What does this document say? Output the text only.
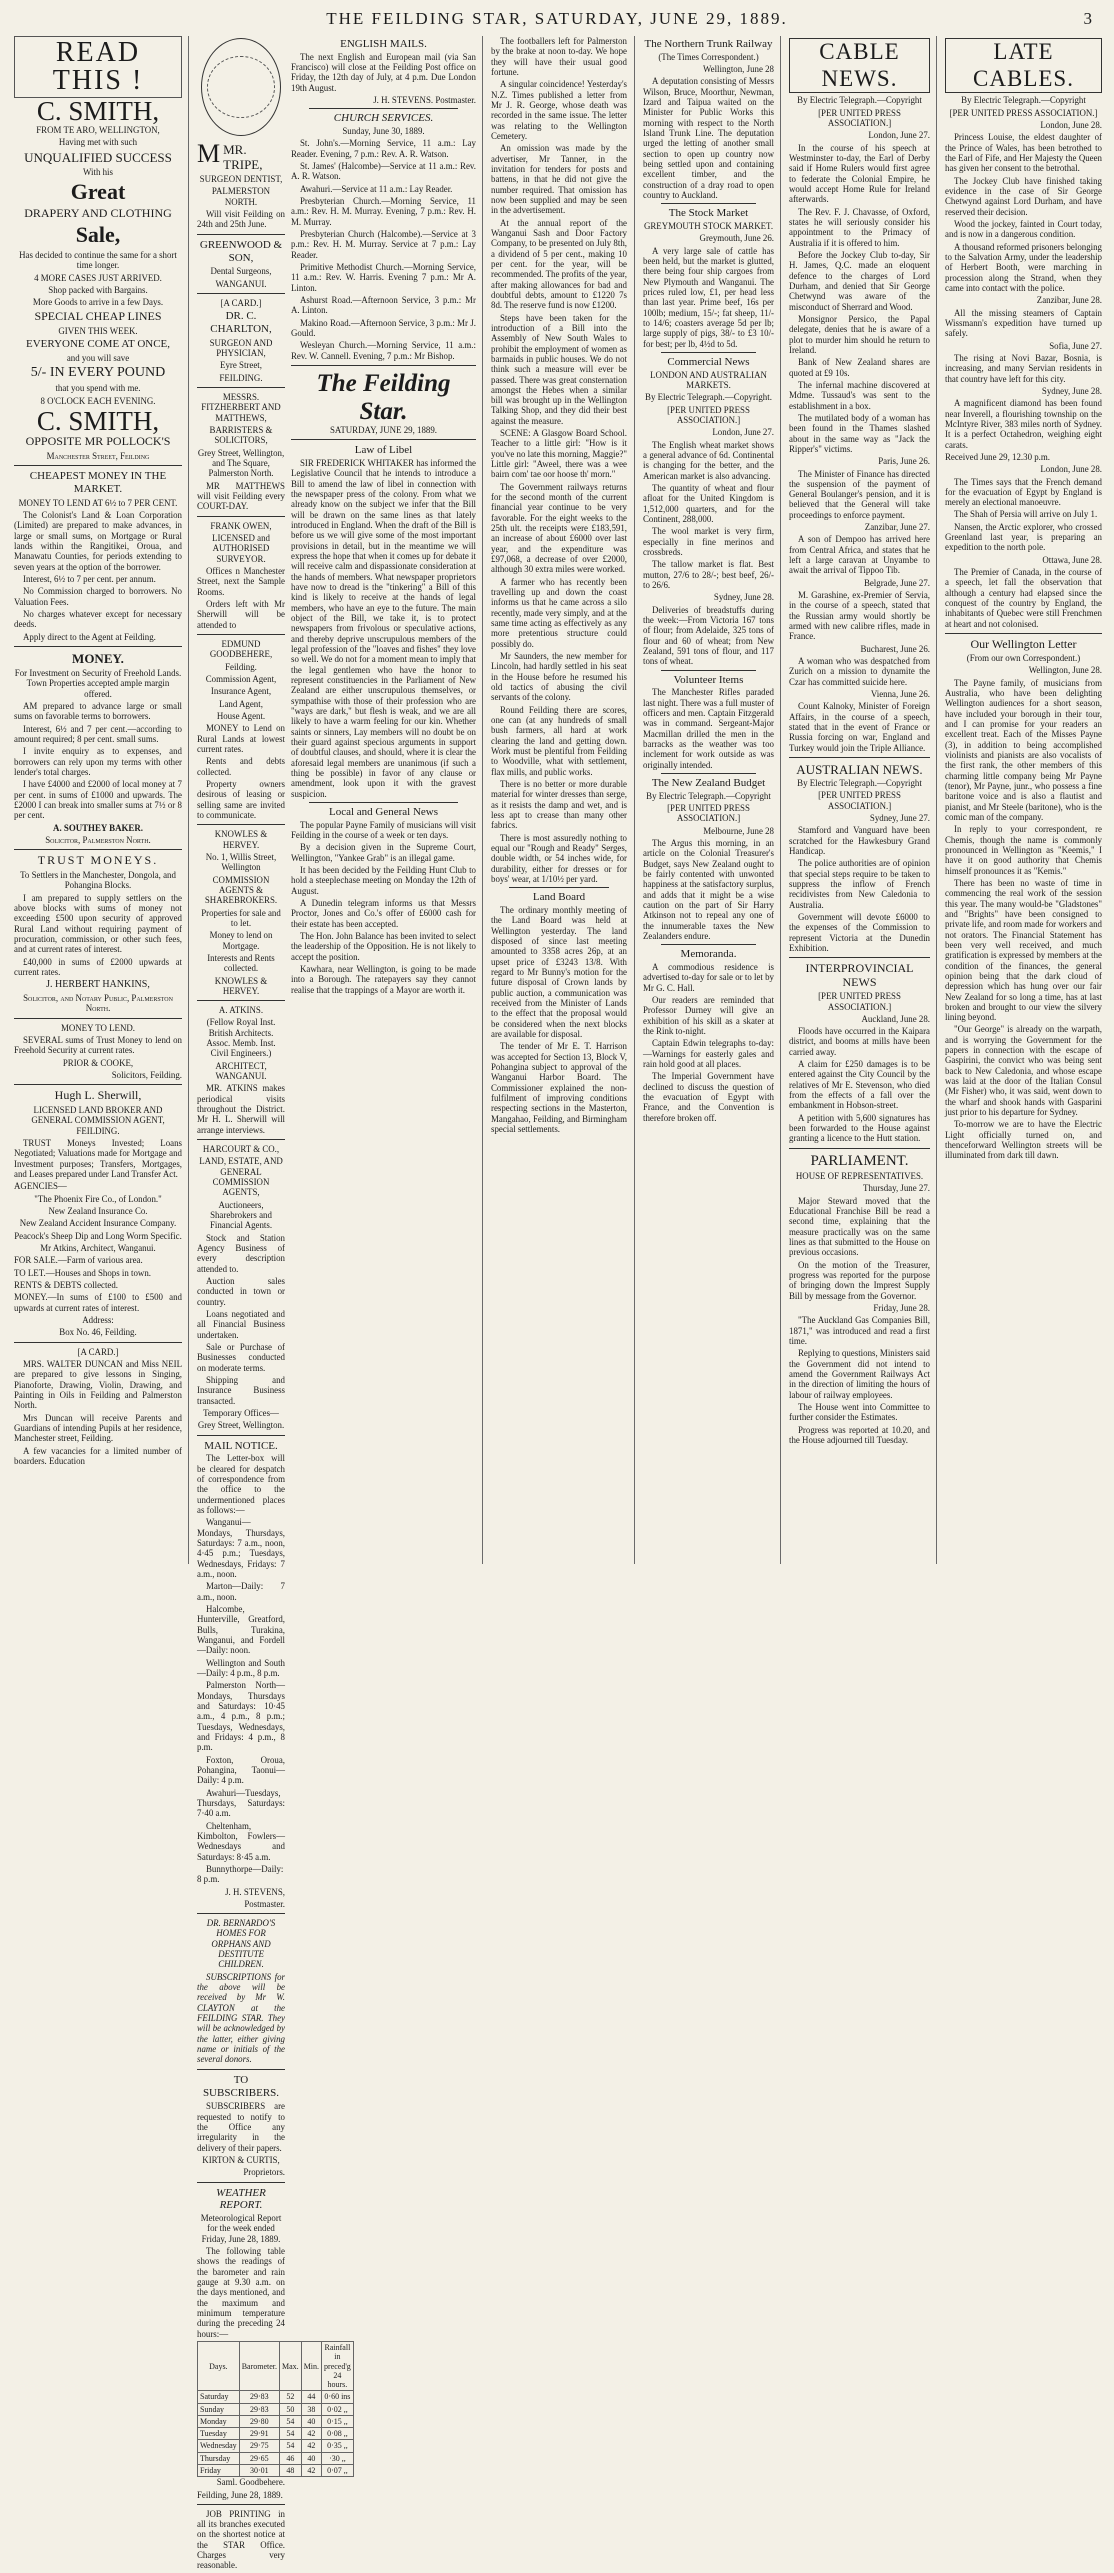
THE FEILDING STAR, SATURDAY, JUNE 29, 1889.	3
READ THIS !
C. SMITH,

FROM TE ARO, WELLINGTON,

Having met with such

UNQUALIFIED SUCCESS

With his

Great

DRAPERY AND CLOTHING

Sale,

Has decided to continue the same for a short time longer.

4 MORE CASES JUST ARRIVED.

Shop packed with Bargains.

More Goods to arrive in a few Days.

SPECIAL CHEAP LINES

GIVEN THIS WEEK.

EVERYONE COME AT ONCE,

and you will save

5/- IN EVERY POUND

that you spend with me.

8 O'CLOCK EACH EVENING.

C. SMITH,

OPPOSITE MR POLLOCK'S

Manchester Street, Feilding

CHEAPEST MONEY IN THE MARKET.

MONEY TO LEND AT 6½ to 7 PER CENT.

The Colonist's Land & Loan Corporation (Limited) are prepared to make advances, in large or small sums, on Mortgage or Rural lands within the Rangitikei, Oroua, and Manawatu Counties, for periods extending to seven years at the option of the borrower.

Interest, 6½ to 7 per cent. per annum.

No Commission charged to borrowers. No Valuation Fees.

No charges whatever except for necessary deeds.

Apply direct to the Agent at Feilding.

MONEY.

For Investment on Security of Freehold Lands. Town Properties accepted ample margin offered.

AM prepared to advance large or small sums on favorable terms to borrowers.

Interest, 6½ and 7 per cent.—according to amount required; 8 per cent. small sums.

I invite enquiry as to expenses, and borrowers can rely upon my terms with other lender's total charges.

I have £4000 and £2000 of local money at 7 per cent. in sums of £1000 and upwards. The £2000 I can break into smaller sums at 7½ or 8 per cent.

A. SOUTHEY BAKER.

Solicitor, Palmerston North.

TRUST MONEYS.

To Settlers in the Manchester, Dongola, and Pohangina Blocks.

I am prepared to supply settlers on the above blocks with sums of money not exceeding £500 upon security of approved Rural Land without requiring payment of procuration, commission, or other such fees, and at current rates of interest.

£40,000 in sums of £2000 upwards at current rates.

J. HERBERT HANKINS,

Solicitor, and Notary Public, Palmerston North.

MONEY TO LEND.

SEVERAL sums of Trust Money to lend on Freehold Security at current rates.

PRIOR & COOKE,

Solicitors, Feilding.

Hugh L. Sherwill,

LICENSED LAND BROKER AND GENERAL COMMISSION AGENT, FEILDING.

TRUST Moneys Invested; Loans Negotiated; Valuations made for Mortgage and Investment purposes; Transfers, Mortgages, and Leases prepared under Land Transfer Act.

AGENCIES—

"The Phoenix Fire Co., of London."

New Zealand Insurance Co.

New Zealand Accident Insurance Company.

Peacock's Sheep Dip and Long Worm Specific.

Mr Atkins, Architect, Wanganui.

FOR SALE.—Farm of various area.

TO LET.—Houses and Shops in town.

RENTS & DEBTS collected.

MONEY.—In sums of £100 to £500 and upwards at current rates of interest.

Address:

Box No. 46, Feilding.

[A CARD.]

MRS. WALTER DUNCAN and Miss NEIL are prepared to give lessons in Singing, Pianoforte, Drawing, Violin, Drawing, and Painting in Oils in Feilding and Palmerston North.

Mrs Duncan will receive Parents and Guardians of intending Pupils at her residence, Manchester street, Feilding.

A few vacancies for a limited number of boarders. Education

MMR. TRIPE,

SURGEON DENTIST,

PALMERSTON NORTH.

Will visit Feilding on 24th and 25th June.

GREENWOOD & SON,

Dental Surgeons,

WANGANUI.

[A CARD.]

DR. C. CHARLTON,

SURGEON AND PHYSICIAN,

Eyre Street,

FEILDING.

MESSRS. FITZHERBERT AND MATTHEWS,

BARRISTERS & SOLICITORS,

Grey Street, Wellington, and The Square, Palmerston North.

MR MATTHEWS will visit Feilding every COURT-DAY.

FRANK OWEN,

LICENSED and AUTHORISED SURVEYOR.

Offices n Manchester Street, next the Sample Rooms.

Orders left with Mr Sherwill will be attended to

EDMUND GOODBEHERE,

Feilding.

Commission Agent,

Insurance Agent,

Land Agent,

House Agent.

MONEY to Lend on Rural Lands at lowest current rates.

Rents and debts collected.

Property owners desirous of leasing or selling same are invited to communicate.

KNOWLES & HERVEY.

No. 1, Willis Street, Wellington

COMMISSION AGENTS & SHAREBROKERS.

Properties for sale and to let.

Money to lend on Mortgage.

Interests and Rents collected.

KNOWLES & HERVEY.

A. ATKINS.

(Fellow Royal Inst. British Architects. Assoc. Memb. Inst. Civil Engineers.)

ARCHITECT, WANGANUI.

MR. ATKINS makes periodical visits throughout the District. Mr H. L. Sherwill will arrange interviews.

HARCOURT & CO.,

LAND, ESTATE, AND GENERAL COMMISSION AGENTS,

Auctioneers, Sharebrokers and Financial Agents.

Stock and Station Agency Business of every description attended to.

Auction sales conducted in town or country.

Loans negotiated and all Financial Business undertaken.

Sale or Purchase of Businesses conducted on moderate terms.

Shipping and Insurance Business transacted.

Temporary Offices—

Grey Street, Wellington.

MAIL NOTICE.

The Letter-box will be cleared for despatch of correspondence from the office to the undermentioned places as follows:—

Wanganui—Mondays, Thursdays, Saturdays: 7 a.m., noon, 4·45 p.m.; Tuesdays, Wednesdays, Fridays: 7 a.m., noon.

Marton—Daily: 7 a.m., noon.

Halcombe, Hunterville, Greatford, Bulls, Turakina, Wanganui, and Fordell—Daily: noon.

Wellington and South—Daily: 4 p.m., 8 p.m.

Palmerston North—Mondays, Thursdays and Saturdays: 10·45 a.m., 4 p.m., 8 p.m.; Tuesdays, Wednesdays, and Fridays: 4 p.m., 8 p.m.

Foxton, Oroua, Pohangina, Taonui—Daily: 4 p.m.

Awahuri—Tuesdays, Thursdays, Saturdays: 7·40 a.m.

Cheltenham, Kimbolton, Fowlers—Wednesdays and Saturdays: 8·45 a.m.

Bunnythorpe—Daily: 8 p.m.

J. H. STEVENS,

Postmaster.

DR. BERNARDO'S HOMES FOR ORPHANS AND DESTITUTE CHILDREN.

SUBSCRIPTIONS for the above will be received by Mr W. CLAYTON at the FEILDING STAR. They will be acknowledged by the latter, either giving name or initials of the several donors.

TO SUBSCRIBERS.

SUBSCRIBERS are requested to notify to the Office any irregularity in the delivery of their papers.

KIRTON & CURTIS,

Proprietors.

WEATHER REPORT.

Meteorological Report for the week ended Friday, June 28, 1889.

The following table shows the readings of the barometer and rain gauge at 9.30 a.m. on the days mentioned, and the maximum and minimum temperature during the preceding 24 hours:—

Days.	Barometer.	Max.	Min.	Rainfall in preced'g 24 hours.
Saturday	29·83	52	44	0·60 ins
Sunday	29·83	50	38	0·02 ,,
Monday	29·80	54	40	0·15 ,,
Tuesday	29·91	54	42	0·08 ,,
Wednesday	29·75	54	42	0·35 ,,
Thursday	29·65	46	40	·30 ,,
Friday	30·01	48	42	0·07 ,,

Saml. Goodbehere.

Feilding, June 28, 1889.

JOB PRINTING in all its branches executed on the shortest notice at the STAR Office. Charges very reasonable.

ENGLISH MAILS.

The next English and European mail (via San Francisco) will close at the Feilding Post office on Friday, the 12th day of July, at 4 p.m. Due London 19th August.

J. H. STEVENS. Postmaster.

CHURCH SERVICES.

Sunday, June 30, 1889.

St. John's.—Morning Service, 11 a.m.: Lay Reader. Evening, 7 p.m.: Rev. A. R. Watson.

St. James' (Halcombe)—Service at 11 a.m.: Rev. A. R. Watson.

Awahuri.—Service at 11 a.m.: Lay Reader.

Presbyterian Church.—Morning Service, 11 a.m.: Rev. H. M. Murray. Evening, 7 p.m.: Rev. H. M. Murray.

Presbyterian Church (Halcombe).—Service at 3 p.m.: Rev. H. M. Murray. Service at 7 p.m.: Lay Reader.

Primitive Methodist Church.—Morning Service, 11 a.m.: Rev. W. Harris. Evening 7 p.m.: Mr A. Linton.

Ashurst Road.—Afternoon Service, 3 p.m.: Mr A. Linton.

Makino Road.—Afternoon Service, 3 p.m.: Mr J. Gould.

Wesleyan Church.—Morning Service, 11 a.m.: Rev. W. Cannell. Evening, 7 p.m.: Mr Bishop.

The Feilding Star.

SATURDAY, JUNE 29, 1889.

Law of Libel

SIR FREDERICK WHITAKER has informed the Legislative Council that he intends to introduce a Bill to amend the law of libel in connection with the newspaper press of the colony. From what we already know on the subject we infer that the Bill will be drawn on the same lines as that lately introduced in England. When the draft of the Bill is before us we will give some of the most important provisions in detail, but in the meantime we will express the hope that when it comes up for debate it will receive calm and dispassionate consideration at the hands of members. What newspaper proprietors have now to dread is the "tinkering" a Bill of this kind is likely to receive at the hands of legal members, who have an eye to the future. The main object of the Bill, we take it, is to protect newspapers from frivolous or speculative actions, and thereby deprive unscrupulous members of the legal profession of the "loaves and fishes" they love so well. We do not for a moment mean to imply that the legal gentlemen who have the honor to represent constituencies in the Parliament of New Zealand are either unscrupulous themselves, or sympathise with those of their profession who are "ways are dark," but flesh is weak, and we are all likely to have a warm feeling for our kin. Whether saints or sinners, Lay members will no doubt be on their guard against specious arguments in support of doubtful clauses, and should, where it is clear the aforesaid legal members are unanimous (if such a thing be possible) in favor of any clause or amendment, look upon it with the gravest suspicion.

Local and General News

The popular Payne Family of musicians will visit Feilding in the course of a week or ten days.

By a decision given in the Supreme Court, Wellington, "Yankee Grab" is an illegal game.

It has been decided by the Feilding Hunt Club to hold a steeplechase meeting on Monday the 12th of August.

A Dunedin telegram informs us that Messrs Proctor, Jones and Co.'s offer of £6000 cash for their estate has been accepted.

The Hon. John Balance has been invited to select the leadership of the Opposition. He is not likely to accept the position.

Kawhara, near Wellington, is going to be made into a Borough. The ratepayers say they cannot realise that the trappings of a Mayor are worth it.

The footballers left for Palmerston by the brake at noon to-day. We hope they will have their usual good fortune.

A singular coincidence! Yesterday's N.Z. Times published a letter from Mr J. R. George, whose death was recorded in the same issue. The letter was relating to the Wellington Cemetery.

An omission was made by the advertiser, Mr Tanner, in the invitation for tenders for posts and battens, in that he did not give the number required. That omission has now been supplied and may be seen in the advertisement.

At the annual report of the Wanganui Sash and Door Factory Company, to be presented on July 8th, a dividend of 5 per cent., making 10 per cent. for the year, will be recommended. The profits of the year, after making allowances for bad and doubtful debts, amount to £1220 7s 8d. The reserve fund is now £1200.

Steps have been taken for the introduction of a Bill into the Assembly of New South Wales to prohibit the employment of women as barmaids in public houses. We do not think such a measure will ever be passed. There was great consternation amongst the Hebes when a similar bill was brought up in the Wellington Talking Shop, and they did their best against the measure.

SCENE: A Glasgow Board School. Teacher to a little girl: "How is it you've no late this morning, Maggie?" Little girl: "Aweel, there was a wee bairn com' tae oor hoose th' morn."

The Government railways returns for the second month of the current financial year continue to be very favorable. For the eight weeks to the 25th ult. the receipts were £183,591, an increase of about £6000 over last year, and the expenditure was £97,068, a decrease of over £2000, although 30 extra miles were worked.

A farmer who has recently been travelling up and down the coast informs us that he came across a silo recently, made very simply, and at the same time acting as effectively as any more pretentious structure could possibly do.

Mr Saunders, the new member for Lincoln, had hardly settled in his seat in the House before he resumed his old tactics of abusing the civil servants of the colony.

Round Feilding there are scores, one can (at any hundreds of small bush farmers, all hard at work clearing the land and getting down. Work must be plentiful from Feilding to Woodville, what with settlement, flax mills, and public works.

There is no better or more durable material for winter dresses than serge, as it resists the damp and wet, and is less apt to crease than many other fabrics.

There is most assuredly nothing to equal our "Rough and Ready" Serges, double width, or 54 inches wide, for durability, either for dresses or for boys' wear, at 1/10½ per yard.

Land Board

The ordinary monthly meeting of the Land Board was held at Wellington yesterday. The land disposed of since last meeting amounted to 3358 acres 26p, at an upset price of £3243 13/8. With regard to Mr Bunny's motion for the future disposal of Crown lands by public auction, a communication was received from the Minister of Lands to the effect that the proposal would be considered when the next blocks are available for disposal.

The tender of Mr E. T. Harrison was accepted for Section 13, Block V, Pohangina subject to approval of the Wanganui Harbor Board. The Commissioner explained the non-fulfilment of improving conditions respecting sections in the Masterton, Mangahao, Feilding, and Birmingham special settlements.

The Northern Trunk Railway

(The Times Correspondent.)

Wellington, June 28

A deputation consisting of Messrs Wilson, Bruce, Moorthur, Newman, Izard and Taipua waited on the Minister for Public Works this morning with respect to the North Island Trunk Line. The deputation urged the letting of another small section to open up country now being settled upon and containing excellent timber, and the construction of a dray road to open country to Auckland.

The Stock Market

GREYMOUTH STOCK MARKET.

Greymouth, June 26.

A very large sale of cattle has been held, but the market is glutted, there being four ship cargoes from New Plymouth and Wanganui. The prices ruled low, £1, per head less than last year. Prime beef, 16s per 100lb; medium, 15/-; fat sheep, 11/- to 14/6; coasters average 5d per lb; large supply of pigs, 38/- to £3 10/- for best; per lb, 4½d to 5d.

Commercial News

LONDON AND AUSTRALIAN MARKETS.

By Electric Telegraph.—Copyright.

[PER UNITED PRESS ASSOCIATION.]

London, June 27.

The English wheat market shows a general advance of 6d. Continental is changing for the better, and the American market is also advancing.

The quantity of wheat and flour afloat for the United Kingdom is 1,512,000 quarters, and for the Continent, 288,000.

The wool market is very firm, especially in fine merinos and crossbreds.

The tallow market is flat. Best mutton, 27/6 to 28/-; best beef, 26/- to 26/6.

Sydney, June 28.

Deliveries of breadstuffs during the week:—From Victoria 167 tons of flour; from Adelaide, 325 tons of flour and 60 of wheat; from New Zealand, 591 tons of flour, and 117 tons of wheat.

Volunteer Items

The Manchester Rifles paraded last night. There was a full muster of officers and men. Captain Fitzgerald was in command. Sergeant-Major Macmillan drilled the men in the barracks as the weather was too inclement for work outside as was originally intended.

The New Zealand Budget

By Electric Telegraph.—Copyright

[PER UNITED PRESS ASSOCIATION.]

Melbourne, June 28

The Argus this morning, in an article on the Colonial Treasurer's Budget, says New Zealand ought to be fairly contented with unwonted happiness at the satisfactory surplus, and adds that it might be a wise caution on the part of Sir Harry Atkinson not to repeal any one of the innumerable taxes the New Zealanders endure.

Memoranda.

A commodious residence is advertised to-day for sale or to let by Mr G. C. Hall.

Our readers are reminded that Professor Durney will give an exhibition of his skill as a skater at the Rink to-night.

Captain Edwin telegraphs to-day:—Warnings for easterly gales and rain hold good at all places.

The Imperial Government have declined to discuss the question of the evacuation of Egypt with France, and the Convention is therefore broken off.

CABLE NEWS.

By Electric Telegraph.—Copyright

[PER UNITED PRESS ASSOCIATION.]

London, June 27.

In the course of his speech at Westminster to-day, the Earl of Derby said if Home Rulers would first agree to federate the Colonial Empire, he would accept Home Rule for Ireland afterwards.

The Rev. F. J. Chavasse, of Oxford, states he will seriously consider his appointment to the Primacy of Australia if it is offered to him.

Before the Jockey Club to-day, Sir H. James, Q.C. made an eloquent defence to the charges of Lord Durham, and denied that Sir George Chetwynd was aware of the misconduct of Sherrard and Wood.

Monsignor Persico, the Papal delegate, denies that he is aware of a plot to murder him should he return to Ireland.

Bank of New Zealand shares are quoted at £9 10s.

The infernal machine discovered at Mdme. Tussaud's was sent to the establishment in a box.

The mutilated body of a woman has been found in the Thames slashed about in the same way as "Jack the Ripper's" victims.

Paris, June 26.

The Minister of Finance has directed the suspension of the payment of General Boulanger's pension, and it is believed that the General will take proceedings to enforce payment.

Zanzibar, June 27.

A son of Dempoo has arrived here from Central Africa, and states that he left a large caravan at Unyambe to await the arrival of Tippoo Tib.

Belgrade, June 27.

M. Garashine, ex-Premier of Servia, in the course of a speech, stated that the Russian army would shortly be armed with new calibre rifles, made in France.

Bucharest, June 26.

A woman who was despatched from Zurich on a mission to dynamite the Czar has committed suicide here.

Vienna, June 26.

Count Kalnoky, Minister of Foreign Affairs, in the course of a speech, stated that in the event of France or Russia forcing on war, England and Turkey would join the Triple Alliance.

AUSTRALIAN NEWS.

By Electric Telegraph.—Copyright

[PER UNITED PRESS ASSOCIATION.]

Sydney, June 27.

Stamford and Vanguard have been scratched for the Hawkesbury Grand Handicap.

The police authorities are of opinion that special steps require to be taken to suppress the inflow of French recidivistes from New Caledonia to Australia.

Government will devote £6000 to the expenses of the Commission to represent Victoria at the Dunedin Exhibition.

INTERPROVINCIAL NEWS

[PER UNITED PRESS ASSOCIATION.]

Auckland, June 28.

Floods have occurred in the Kaipara district, and booms at mills have been carried away.

A claim for £250 damages is to be entered against the City Council by the relatives of Mr E. Stevenson, who died from the effects of a fall over the embankment in Hobson-street.

A petition with 5,600 signatures has been forwarded to the House against granting a licence to the Hutt station.

PARLIAMENT.

HOUSE OF REPRESENTATIVES.

Thursday, June 27.

Major Steward moved that the Educational Franchise Bill be read a second time, explaining that the measure practically was on the same lines as that submitted to the House on previous occasions.

On the motion of the Treasurer, progress was reported for the purpose of bringing down the Imprest Supply Bill by message from the Governor.

Friday, June 28.

"The Auckland Gas Companies Bill, 1871," was introduced and read a first time.

Replying to questions, Ministers said the Government did not intend to amend the Government Railways Act in the direction of limiting the hours of labour of railway employees.

The House went into Committee to further consider the Estimates.

Progress was reported at 10.20, and the House adjourned till Tuesday.

LATE CABLES.

By Electric Telegraph.—Copyright

[PER UNITED PRESS ASSOCIATION.]

London, June 28.

Princess Louise, the eldest daughter of the Prince of Wales, has been betrothed to the Earl of Fife, and Her Majesty the Queen has given her consent to the betrothal.

The Jockey Club have finished taking evidence in the case of Sir George Chetwynd against Lord Durham, and have reserved their decision.

Wood the jockey, fainted in Court today, and is now in a dangerous condition.

A thousand reformed prisoners belonging to the Salvation Army, under the leadership of Herbert Booth, were marching in procession along the Strand, when they came into contact with the police.

Zanzibar, June 28.

All the missing steamers of Captain Wissmann's expedition have turned up safely.

Sofia, June 27.

The rising at Novi Bazar, Bosnia, is increasing, and many Servian residents in that country have left for this city.

Sydney, June 28.

A magnificent diamond has been found near Inverell, a flourishing township on the McIntyre River, 383 miles north of Sydney. It is a perfect Octahedron, weighing eight carats.

Received June 29, 12.30 p.m.

London, June 28.

The Times says that the French demand for the evacuation of Egypt by England is merely an electional manoeuvre.

The Shah of Persia will arrive on July 1.

Nansen, the Arctic explorer, who crossed Greenland last year, is preparing an expedition to the north pole.

Ottawa, June 28.

The Premier of Canada, in the course of a speech, let fall the observation that although a century had elapsed since the conquest of the country by England, the inhabitants of Quebec were still Frenchmen at heart and not colonised.

Our Wellington Letter

(From our own Correspondent.)

Wellington, June 28.

The Payne family, of musicians from Australia, who have been delighting Wellington audiences for a short season, have included your borough in their tour, and I can promise for your readers an excellent treat. Each of the Misses Payne (3), in addition to being accomplished violinists and pianists are also vocalists of the first rank, the other members of this charming little company being Mr Payne (tenor), Mr Payne, junr., who possess a fine baritone voice and is also a flautist and pianist, and Mr Steele (baritone), who is the comic man of the company.

In reply to your correspondent, re Chemis, though the name is commonly pronounced in Wellington as "Keemis," I have it on good authority that Chemis himself pronounces it as "Kemis."

There has been no waste of time in commencing the real work of the session this year. The many would-be "Gladstones" and "Brights" have been consigned to private life, and room made for workers and not orators. The Financial Statement has been very well received, and much gratification is expressed by members at the condition of the finances, the general opinion being that the dark cloud of depression which has hung over our fair New Zealand for so long a time, has at last broken and brought to our view the silvery lining beyond.

"Our George" is already on the warpath, and is worrying the Government for the papers in connection with the escape of Gaspirini, the convict who was being sent back to New Caledonia, and whose escape was laid at the door of the Italian Consul (Mr Fisher) who, it was said, went down to the wharf and shook hands with Gasparini just prior to his departure for Sydney.

To-morrow we are to have the Electric Light officially turned on, and thenceforward Wellington streets will be illuminated from dark till dawn.
